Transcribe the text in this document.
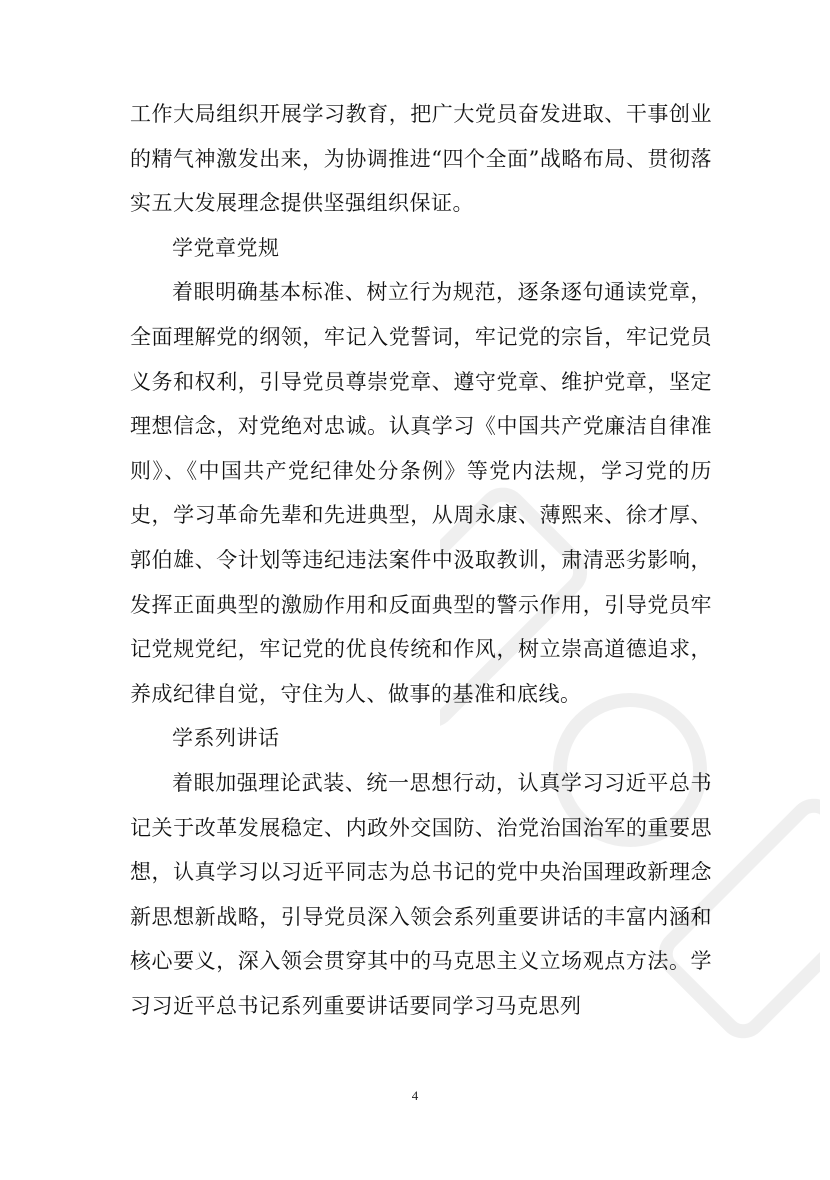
工作大局组织开展学习教育，把广大党员奋发进取、干事创业的精气神激发出来，为协调推进“四个全面”战略布局、贯彻落实五大发展理念提供坚强组织保证。

学党章党规

着眼明确基本标准、树立行为规范，逐条逐句通读党章，全面理解党的纲领，牢记入党誓词，牢记党的宗旨，牢记党员义务和权利，引导党员尊崇党章、遵守党章、维护党章，坚定理想信念，对党绝对忠诚。认真学习《中国共产党廉洁自律准则》、《中国共产党纪律处分条例》等党内法规，学习党的历史，学习革命先辈和先进典型，从周永康、薄熙来、徐才厚、郭伯雄、令计划等违纪违法案件中汲取教训，肃清恶劣影响，发挥正面典型的激励作用和反面典型的警示作用，引导党员牢记党规党纪，牢记党的优良传统和作风，树立崇高道德追求，养成纪律自觉，守住为人、做事的基准和底线。

学系列讲话

着眼加强理论武装、统一思想行动，认真学习习近平总书记关于改革发展稳定、内政外交国防、治党治国治军的重要思想，认真学习以习近平同志为总书记的党中央治国理政新理念新思想新战略，引导党员深入领会系列重要讲话的丰富内涵和核心要义，深入领会贯穿其中的马克思主义立场观点方法。学习习近平总书记系列重要讲话要同学习马克思列

4
